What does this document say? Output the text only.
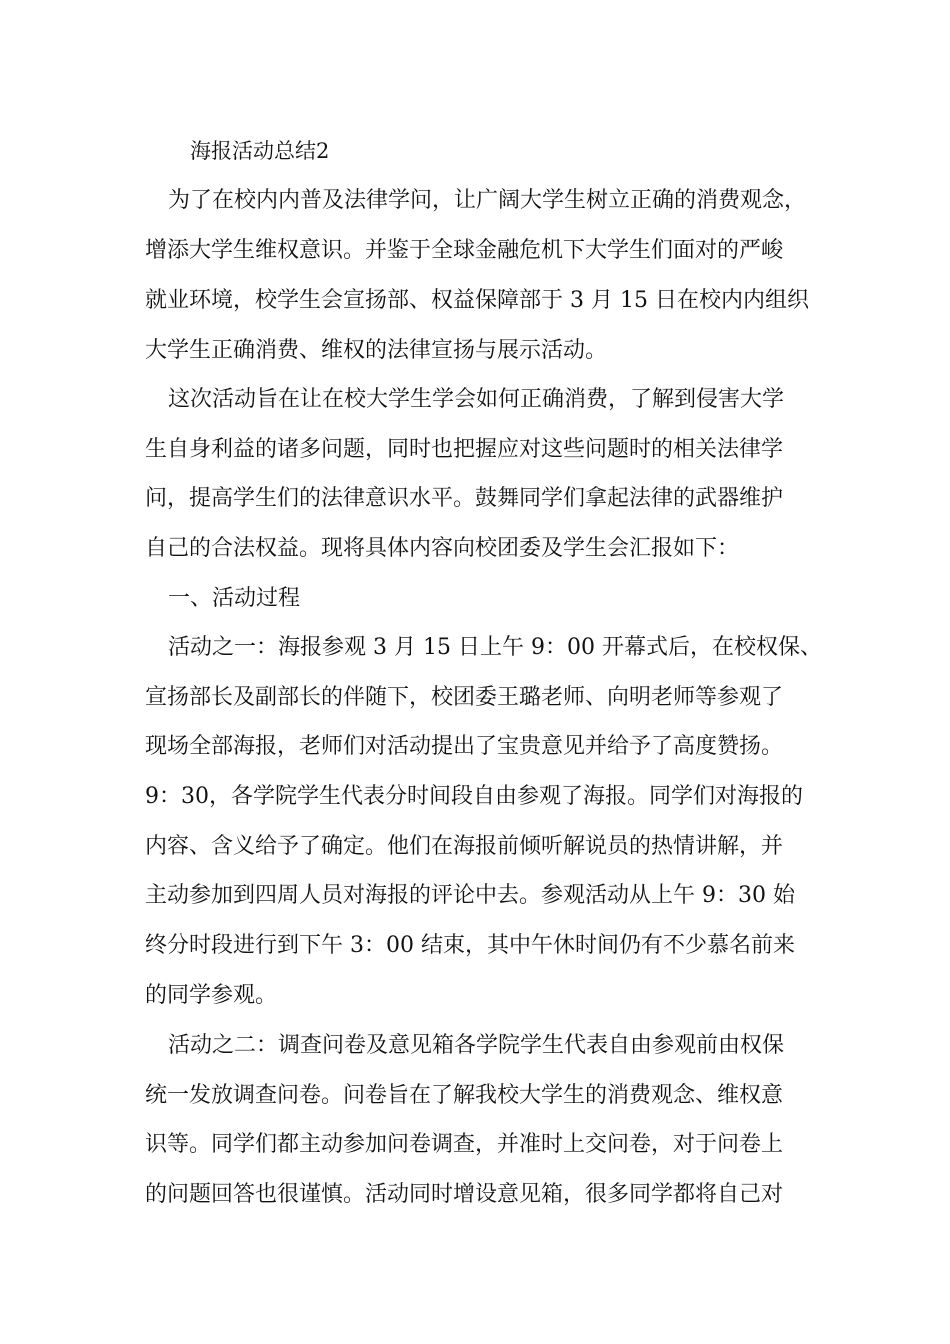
海报活动总结2
为了在校内内普及法律学问，让广阔大学生树立正确的消费观念，
增添大学生维权意识。并鉴于全球金融危机下大学生们面对的严峻
就业环境，校学生会宣扬部、权益保障部于 3 月 15 日在校内内组织
大学生正确消费、维权的法律宣扬与展示活动。
这次活动旨在让在校大学生学会如何正确消费，了解到侵害大学
生自身利益的诸多问题，同时也把握应对这些问题时的相关法律学
问，提高学生们的法律意识水平。鼓舞同学们拿起法律的武器维护
自己的合法权益。现将具体内容向校团委及学生会汇报如下：
一、活动过程
活动之一：海报参观 3 月 15 日上午 9：00 开幕式后，在校权保、
宣扬部长及副部长的伴随下，校团委王璐老师、向明老师等参观了
现场全部海报，老师们对活动提出了宝贵意见并给予了高度赞扬。
9：30，各学院学生代表分时间段自由参观了海报。同学们对海报的
内容、含义给予了确定。他们在海报前倾听解说员的热情讲解，并
主动参加到四周人员对海报的评论中去。参观活动从上午 9：30 始
终分时段进行到下午 3：00 结束，其中午休时间仍有不少慕名前来
的同学参观。
活动之二：调查问卷及意见箱各学院学生代表自由参观前由权保
统一发放调查问卷。问卷旨在了解我校大学生的消费观念、维权意
识等。同学们都主动参加问卷调查，并准时上交问卷，对于问卷上
的问题回答也很谨慎。活动同时增设意见箱，很多同学都将自己对
